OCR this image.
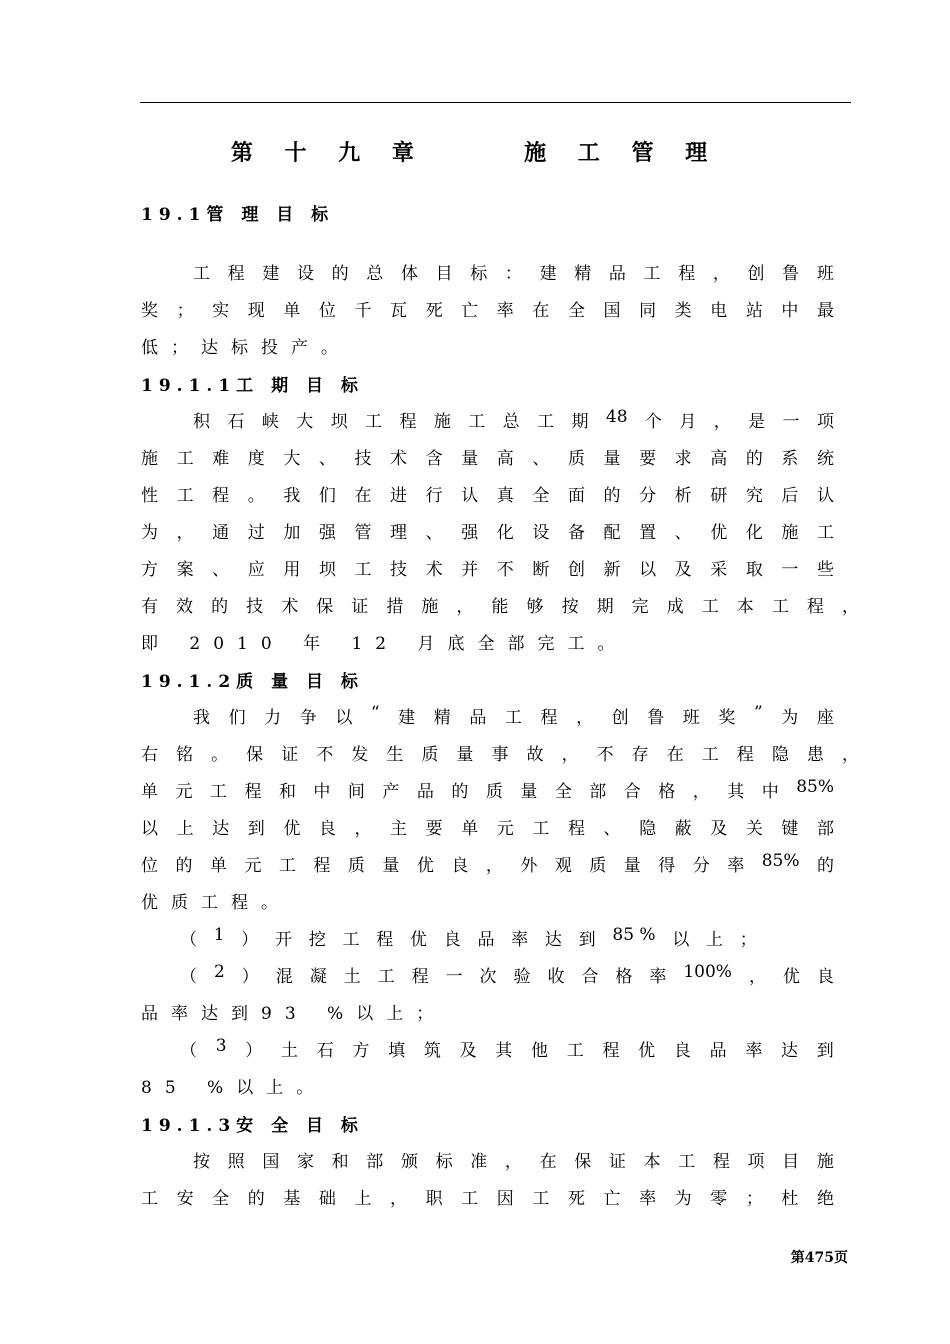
第 十 九 章     施 工 管 理
19.1管 理 目 标
工 程 建 设 的 总 体 目 标 ： 建 精 品 工 程 ， 创 鲁 班
奖 ； 实 现 单 位 千 瓦 死 亡 率 在 全 国 同 类 电 站 中 最
低；达标投产。
19.1.1工 期 目 标
积 石 峡 大 坝 工 程 施 工 总 工 期 48 个 月 ， 是 一 项
施 工 难 度 大 、 技 术 含 量 高 、 质 量 要 求 高 的 系 统
性 工 程 。 我 们 在 进 行 认 真 全 面 的 分 析 研 究 后 认
为 ， 通 过 加 强 管 理 、 强 化 设 备 配 置 、 优 化 施 工
方 案 、 应 用 坝 工 技 术 并 不 断 创 新 以 及 采 取 一 些
有 效 的 技 术 保 证 措 施 ， 能 够 按 期 完 成 工 本 工 程 ，
即 2010 年 12 月底全部完工。
19.1.2质 量 目 标
我 们 力 争 以 “ 建 精 品 工 程 ， 创 鲁 班 奖 ” 为 座
右 铭 。 保 证 不 发 生 质 量 事 故 ， 不 存 在 工 程 隐 患 ，
单 元 工 程 和 中 间 产 品 的 质 量 全 部 合 格 ， 其 中 85%
以 上 达 到 优 良 ， 主 要 单 元 工 程 、 隐 蔽 及 关 键 部
位 的 单 元 工 程 质 量 优 良 ， 外 观 质 量 得 分 率 85% 的
优质工程。
（ 1 ） 开 挖 工 程 优 良 品 率 达 到 85 % 以 上 ；
（ 2 ） 混 凝 土 工 程 一 次 验 收 合 格 率 100% ， 优 良
品率达到93 %以上；
（ 3 ） 土 石 方 填 筑 及 其 他 工 程 优 良 品 率 达 到
85 %以上。
19.1.3安 全 目 标
按 照 国 家 和 部 颁 标 准 ， 在 保 证 本 工 程 项 目 施
工 安 全 的 基 础 上 ， 职 工 因 工 死 亡 率 为 零 ； 杜 绝
第475页
